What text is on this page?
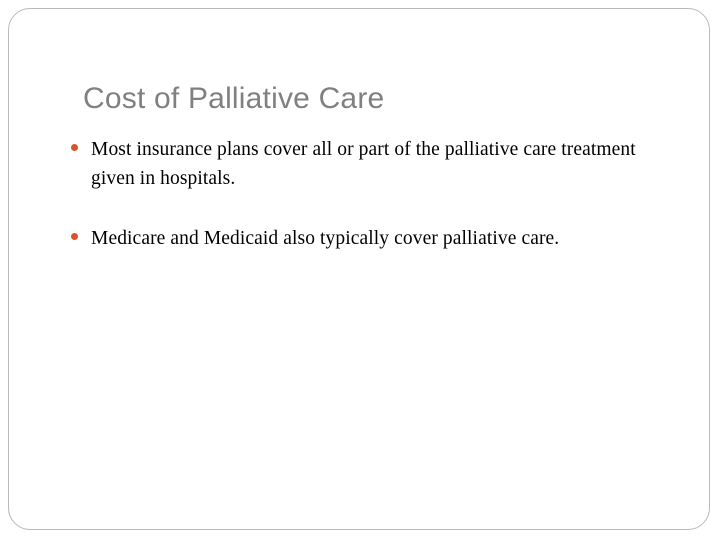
Cost of Palliative Care
Most insurance plans cover all or part of the palliative care treatment given in hospitals.
Medicare and Medicaid also typically cover palliative care.
